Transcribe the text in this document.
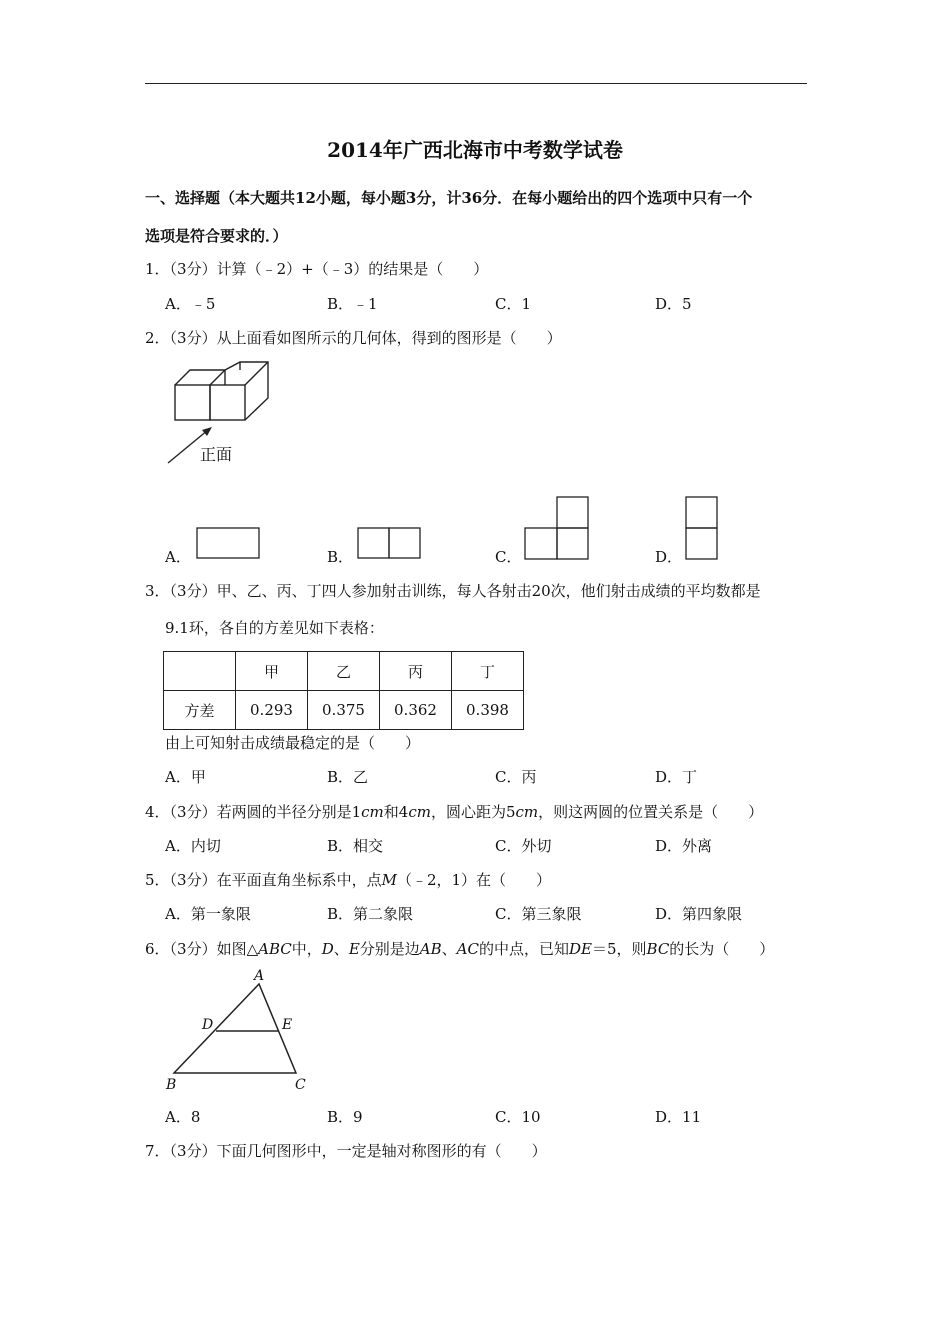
2014年广西北海市中考数学试卷
一、选择题（本大题共12小题，每小题3分，计36分．在每小题给出的四个选项中只有一个
选项是符合要求的．）
1．（3分）计算（﹣2）+（﹣3）的结果是（　　）
A．﹣5	B．﹣1	C．1	D．5
2．（3分）从上面看如图所示的几何体，得到的图形是（　　）
正面
A．	B．	C．	D．
3．（3分）甲、乙、丙、丁四人参加射击训练，每人各射击20次，他们射击成绩的平均数都是
9.1环，各自的方差见如下表格：
	甲	乙	丙	丁
方差	0.293	0.375	0.362	0.398
由上可知射击成绩最稳定的是（　　）
A．甲	B．乙	C．丙	D．丁
4．（3分）若两圆的半径分别是1cm和4cm，圆心距为5cm，则这两圆的位置关系是（　　）
A．内切	B．相交	C．外切	D．外离
5．（3分）在平面直角坐标系中，点M（﹣2，1）在（　　）
A．第一象限	B．第二象限	C．第三象限	D．第四象限
6．（3分）如图△ABC中，D、E分别是边AB、AC的中点，已知DE＝5，则BC的长为（　　）
A
D	E
B	C
A．8	B．9	C．10	D．11
7．（3分）下面几何图形中，一定是轴对称图形的有（　　）
